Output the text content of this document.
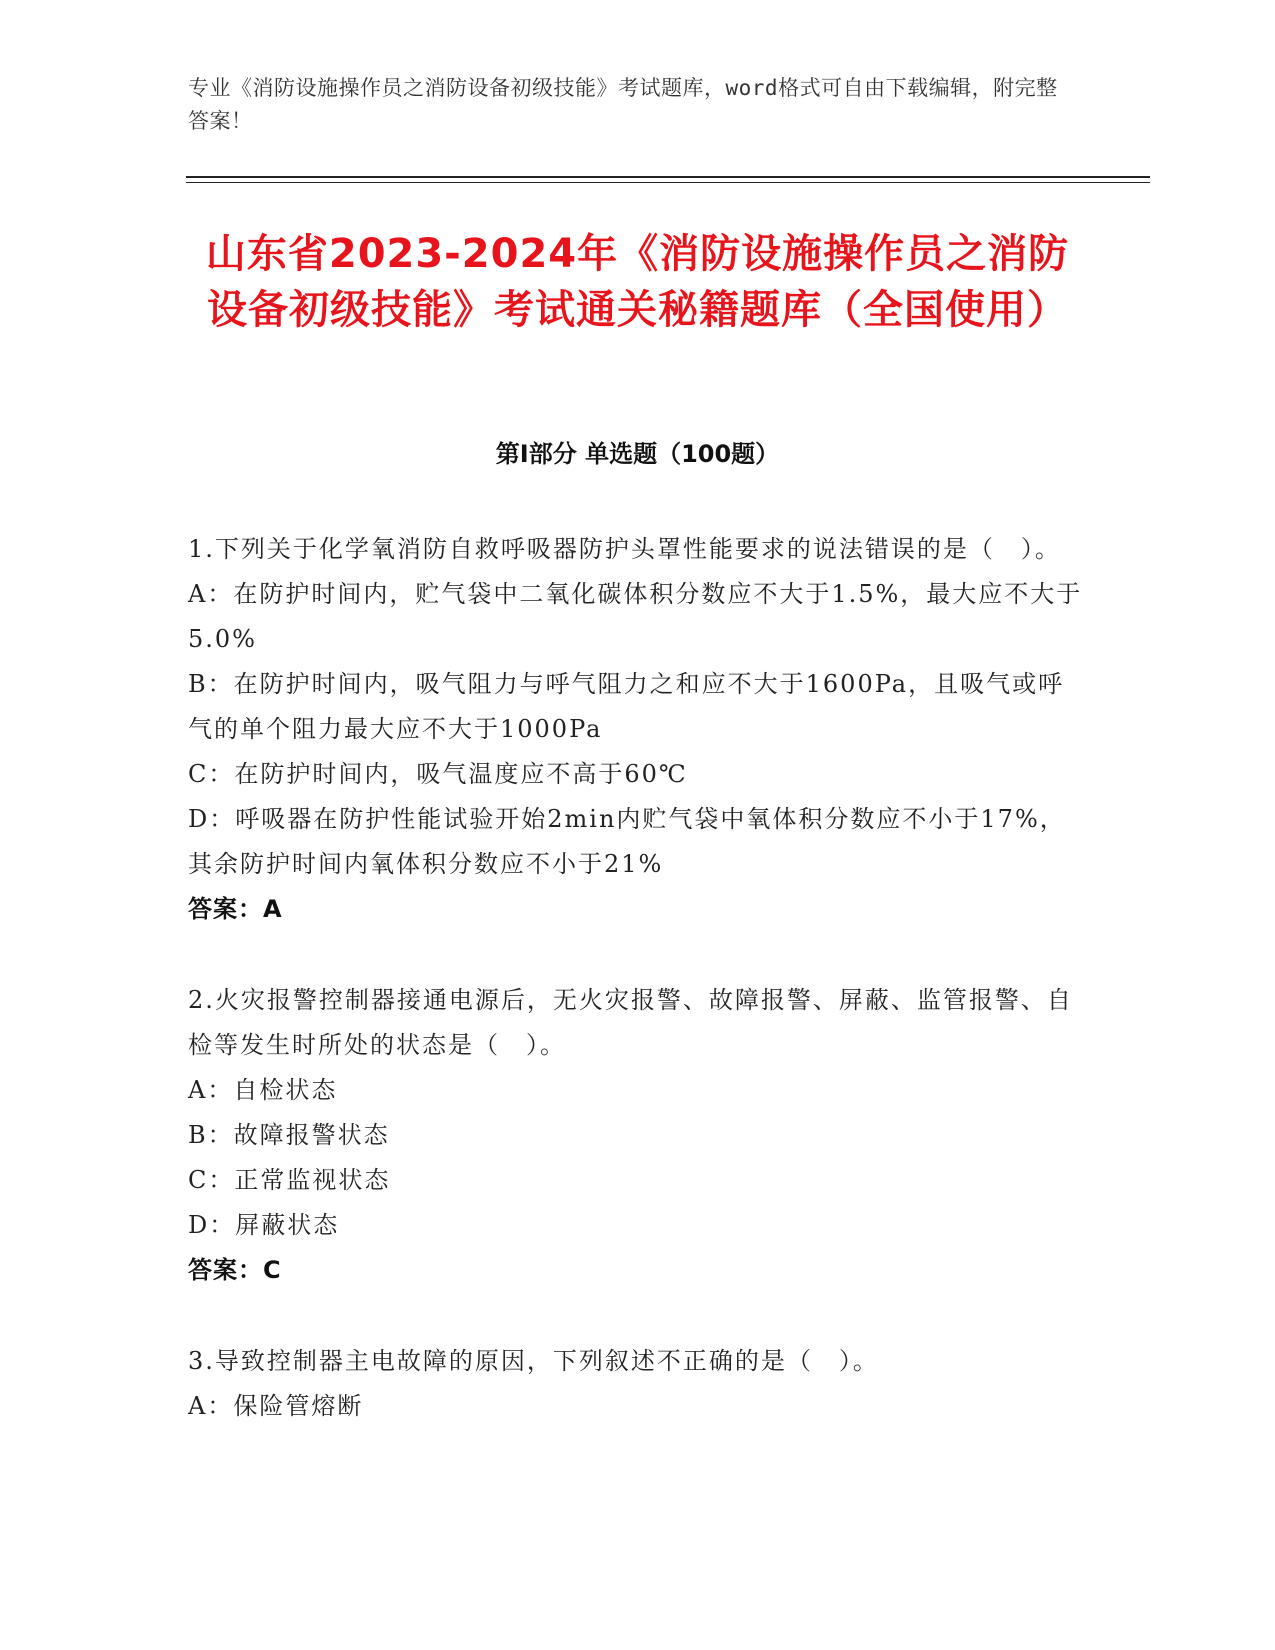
专业《消防设施操作员之消防设备初级技能》考试题库，word格式可自由下载编辑，附完整答案！
山东省2023-2024年《消防设施操作员之消防设备初级技能》考试通关秘籍题库（全国使用）
第I部分 单选题（100题）
1.下列关于化学氧消防自救呼吸器防护头罩性能要求的说法错误的是（　）。
A：在防护时间内，贮气袋中二氧化碳体积分数应不大于1.5%，最大应不大于5.0%
B：在防护时间内，吸气阻力与呼气阻力之和应不大于1600Pa，且吸气或呼气的单个阻力最大应不大于1000Pa
C：在防护时间内，吸气温度应不高于60℃
D：呼吸器在防护性能试验开始2min内贮气袋中氧体积分数应不小于17%，其余防护时间内氧体积分数应不小于21%
答案：A
2.火灾报警控制器接通电源后，无火灾报警、故障报警、屏蔽、监管报警、自检等发生时所处的状态是（　）。
A：自检状态
B：故障报警状态
C：正常监视状态
D：屏蔽状态
答案：C
3.导致控制器主电故障的原因，下列叙述不正确的是（　）。
A：保险管熔断
